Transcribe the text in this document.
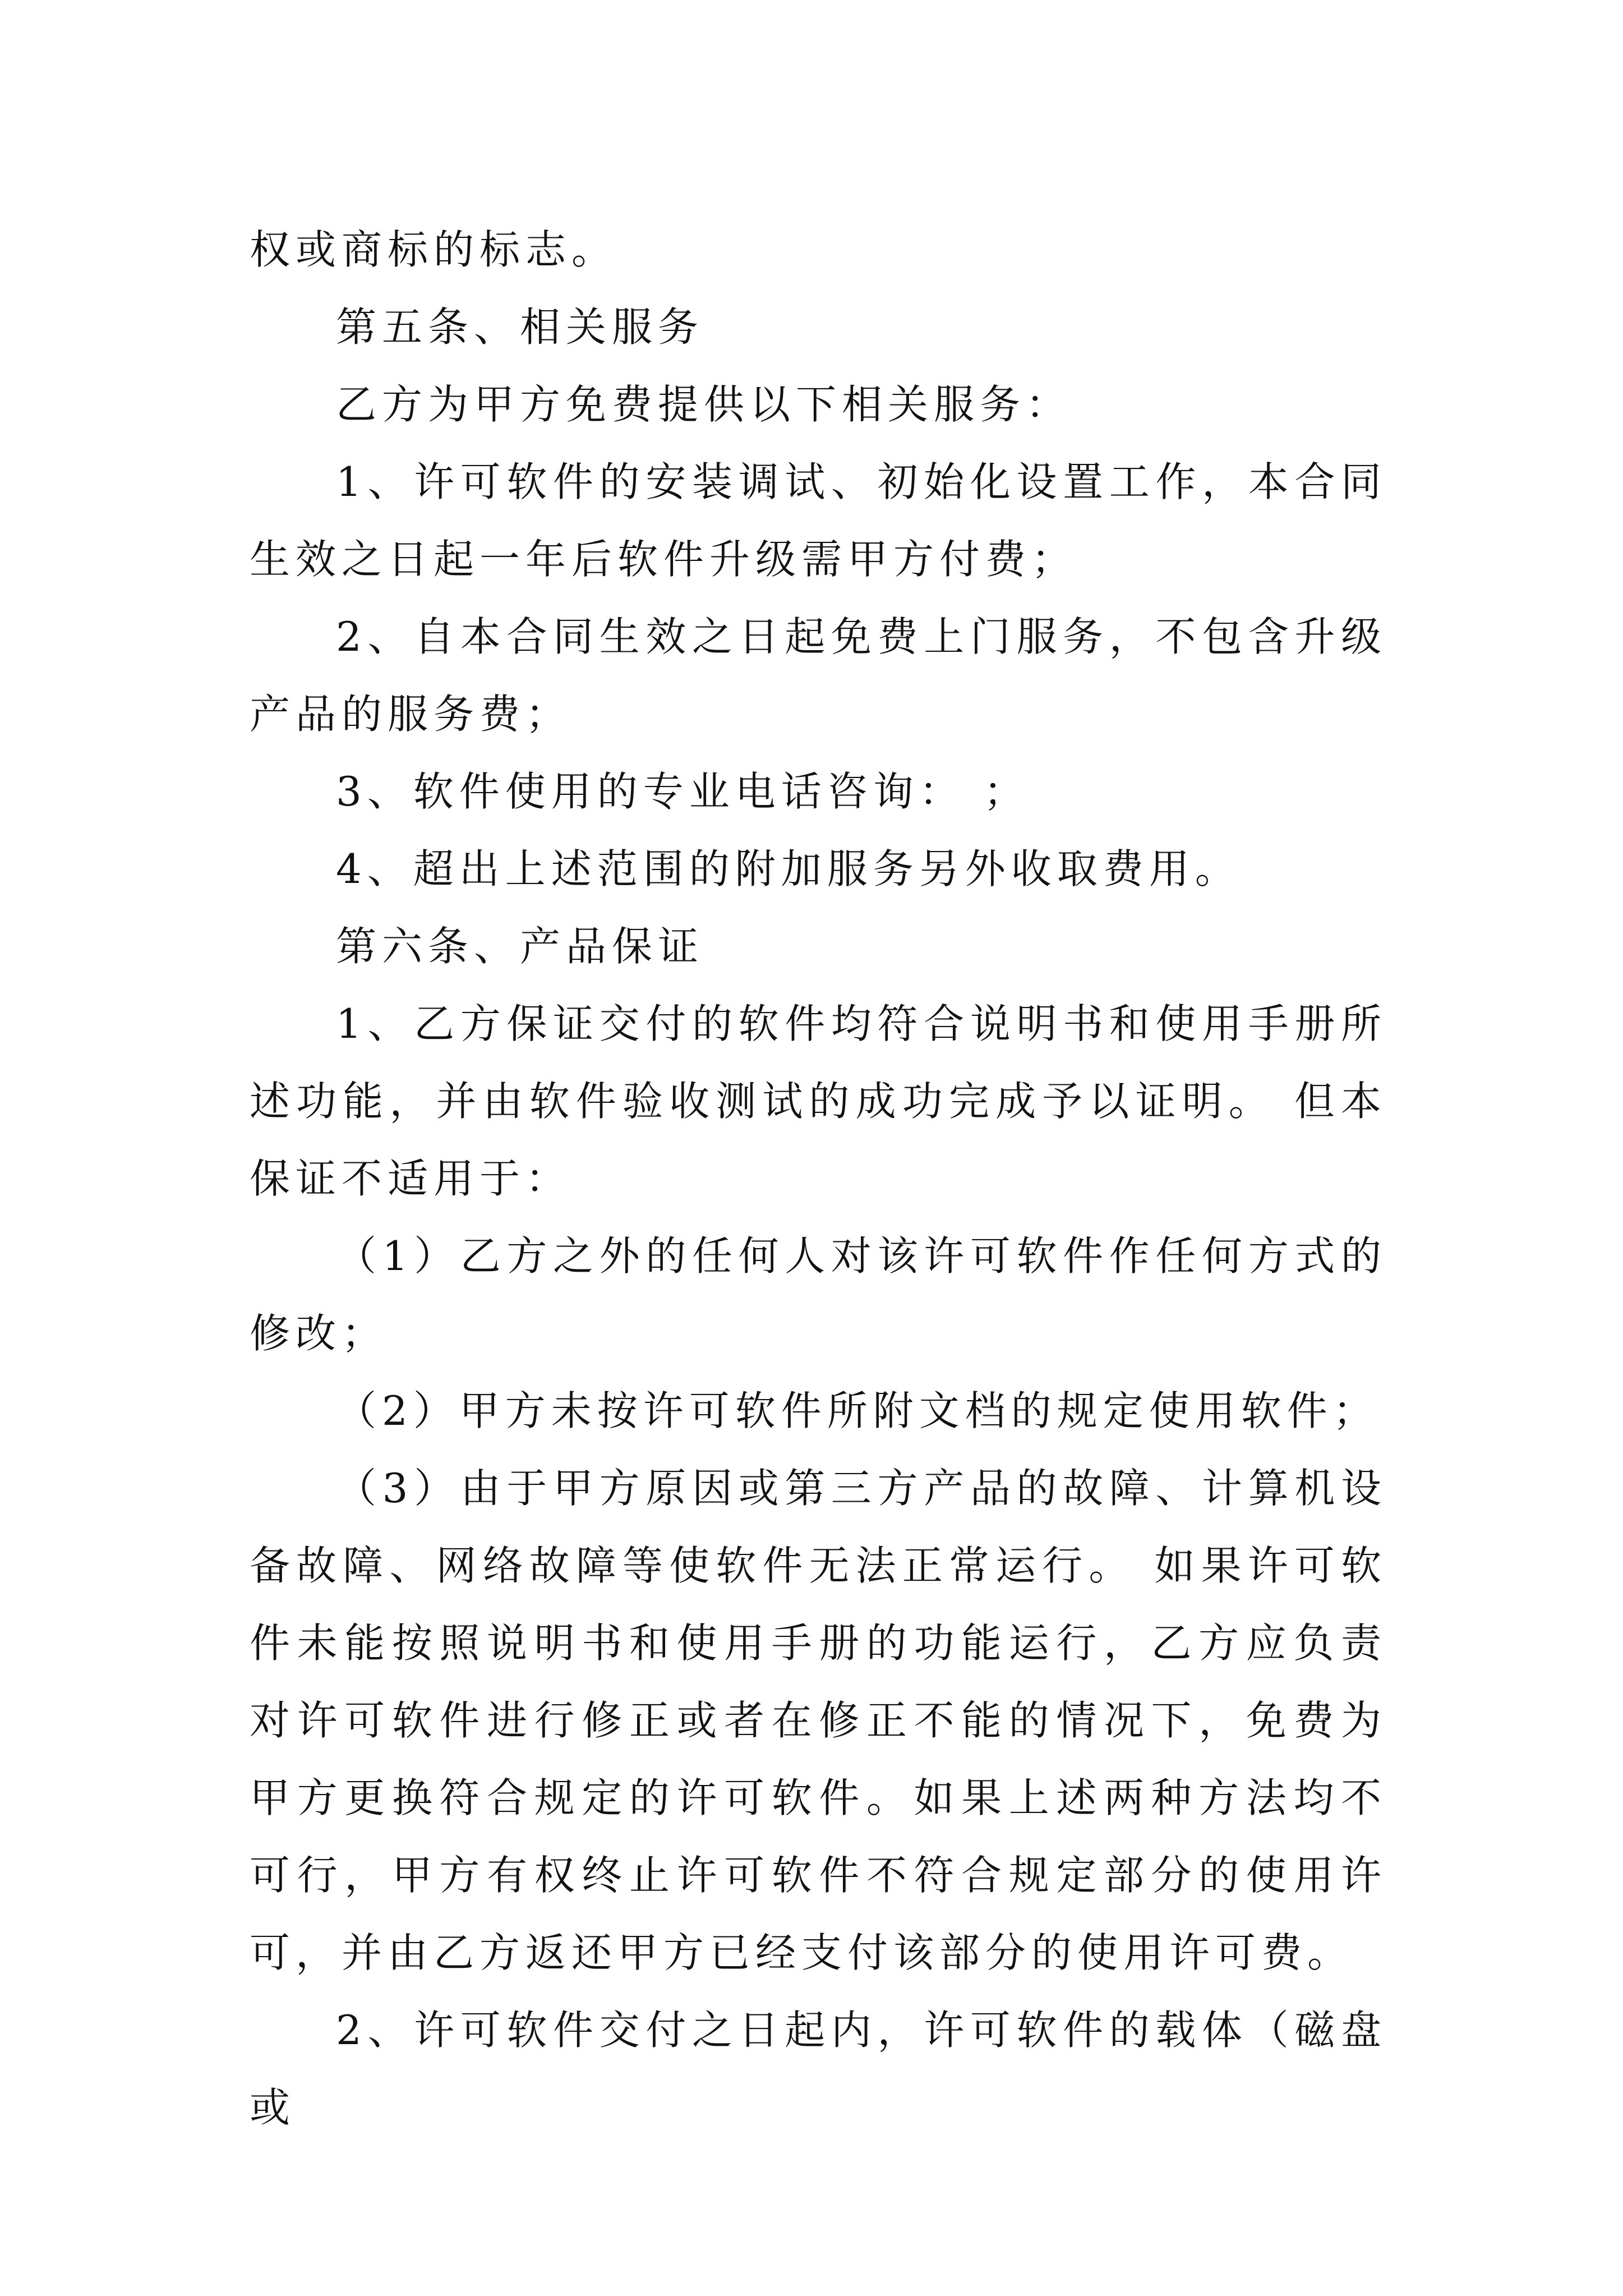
权或商标的标志。

第五条、相关服务

乙方为甲方免费提供以下相关服务：

1、许可软件的安装调试、初始化设置工作，本合同生效之日起一年后软件升级需甲方付费；

2、自本合同生效之日起免费上门服务，不包含升级产品的服务费；

3、软件使用的专业电话咨询： ；

4、超出上述范围的附加服务另外收取费用。

第六条、产品保证

1、乙方保证交付的软件均符合说明书和使用手册所述功能，并由软件验收测试的成功完成予以证明。 但本保证不适用于：

（1）乙方之外的任何人对该许可软件作任何方式的修改；

（2）甲方未按许可软件所附文档的规定使用软件；

（3）由于甲方原因或第三方产品的故障、计算机设备故障、网络故障等使软件无法正常运行。 如果许可软件未能按照说明书和使用手册的功能运行，乙方应负责对许可软件进行修正或者在修正不能的情况下，免费为甲方更换符合规定的许可软件。如果上述两种方法均不可行，甲方有权终止许可软件不符合规定部分的使用许可，并由乙方返还甲方已经支付该部分的使用许可费。

2、许可软件交付之日起内，许可软件的载体（磁盘或
